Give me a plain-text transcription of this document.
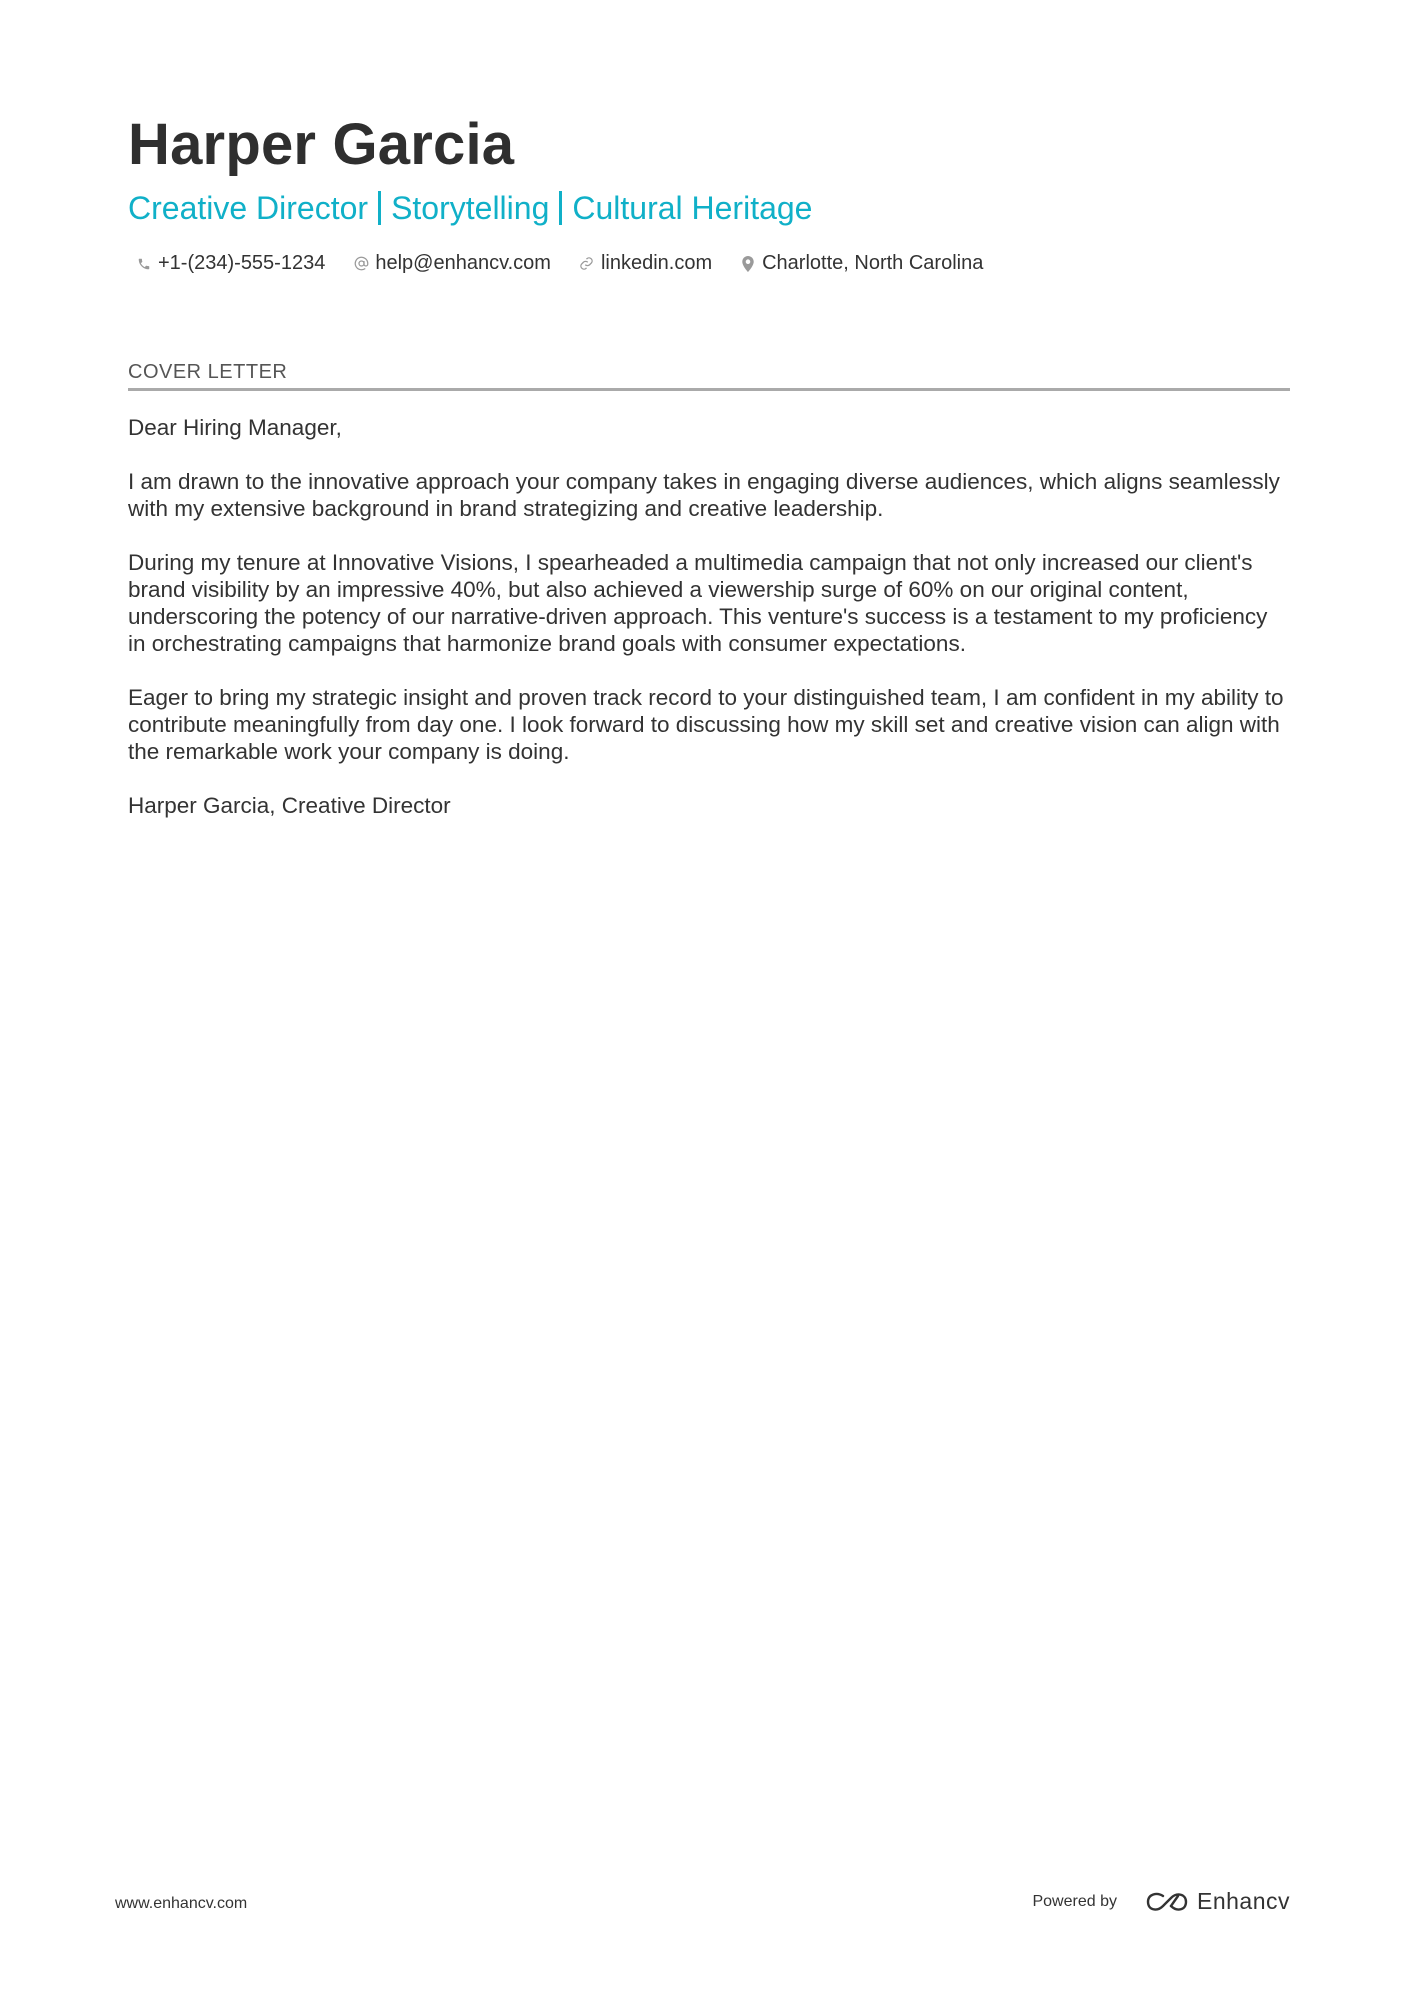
Harper Garcia
Creative Director Storytelling Cultural Heritage
+1-(234)-555-1234	help@enhancv.com	linkedin.com	Charlotte, North Carolina
COVER LETTER

Dear Hiring Manager,

I am drawn to the innovative approach your company takes in engaging diverse audiences, which aligns seamlessly with my extensive background in brand strategizing and creative leadership.

During my tenure at Innovative Visions, I spearheaded a multimedia campaign that not only increased our client's brand visibility by an impressive 40%, but also achieved a viewership surge of 60% on our original content, underscoring the potency of our narrative-driven approach. This venture's success is a testament to my proficiency in orchestrating campaigns that harmonize brand goals with consumer expectations.

Eager to bring my strategic insight and proven track record to your distinguished team, I am confident in my ability to contribute meaningfully from day one. I look forward to discussing how my skill set and creative vision can align with the remarkable work your company is doing.

Harper Garcia, Creative Director

www.enhancv.com	Powered by	Enhancv
